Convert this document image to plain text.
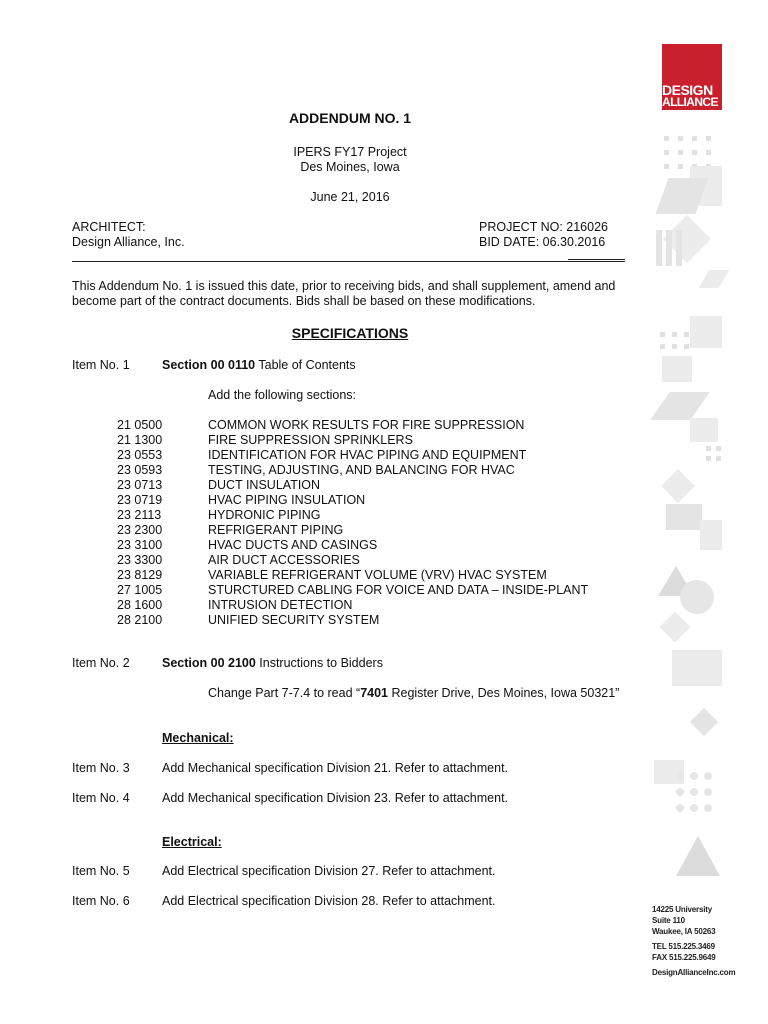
DESIGN
ALLIANCE
ADDENDUM NO. 1
IPERS FY17 Project
Des Moines, Iowa
June 21, 2016
ARCHITECT:
Design Alliance, Inc.
PROJECT NO: 216026
BID DATE: 06.30.2016
This Addendum No. 1 is issued this date, prior to receiving bids, and shall supplement, amend and
become part of the contract documents. Bids shall be based on these modifications.
SPECIFICATIONS
Item No. 1	Section 00 0110 Table of Contents
Add the following sections:
21 0500	COMMON WORK RESULTS FOR FIRE SUPPRESSION
21 1300	FIRE SUPPRESSION SPRINKLERS
23 0553	IDENTIFICATION FOR HVAC PIPING AND EQUIPMENT
23 0593	TESTING, ADJUSTING, AND BALANCING FOR HVAC
23 0713	DUCT INSULATION
23 0719	HVAC PIPING INSULATION
23 2113	HYDRONIC PIPING
23 2300	REFRIGERANT PIPING
23 3100	HVAC DUCTS AND CASINGS
23 3300	AIR DUCT ACCESSORIES
23 8129	VARIABLE REFRIGERANT VOLUME (VRV) HVAC SYSTEM
27 1005	STURCTURED CABLING FOR VOICE AND DATA – INSIDE-PLANT
28 1600	INTRUSION DETECTION
28 2100	UNIFIED SECURITY SYSTEM
Item No. 2	Section 00 2100 Instructions to Bidders
Change Part 7-7.4 to read “7401 Register Drive, Des Moines, Iowa 50321”
Mechanical:
Item No. 3	Add Mechanical specification Division 21. Refer to attachment.
Item No. 4	Add Mechanical specification Division 23. Refer to attachment.
Electrical:
Item No. 5	Add Electrical specification Division 27. Refer to attachment.
Item No. 6	Add Electrical specification Division 28. Refer to attachment.
14225 University
Suite 110
Waukee, IA 50263
TEL 515.225.3469
FAX 515.225.9649
DesignAllianceInc.com
